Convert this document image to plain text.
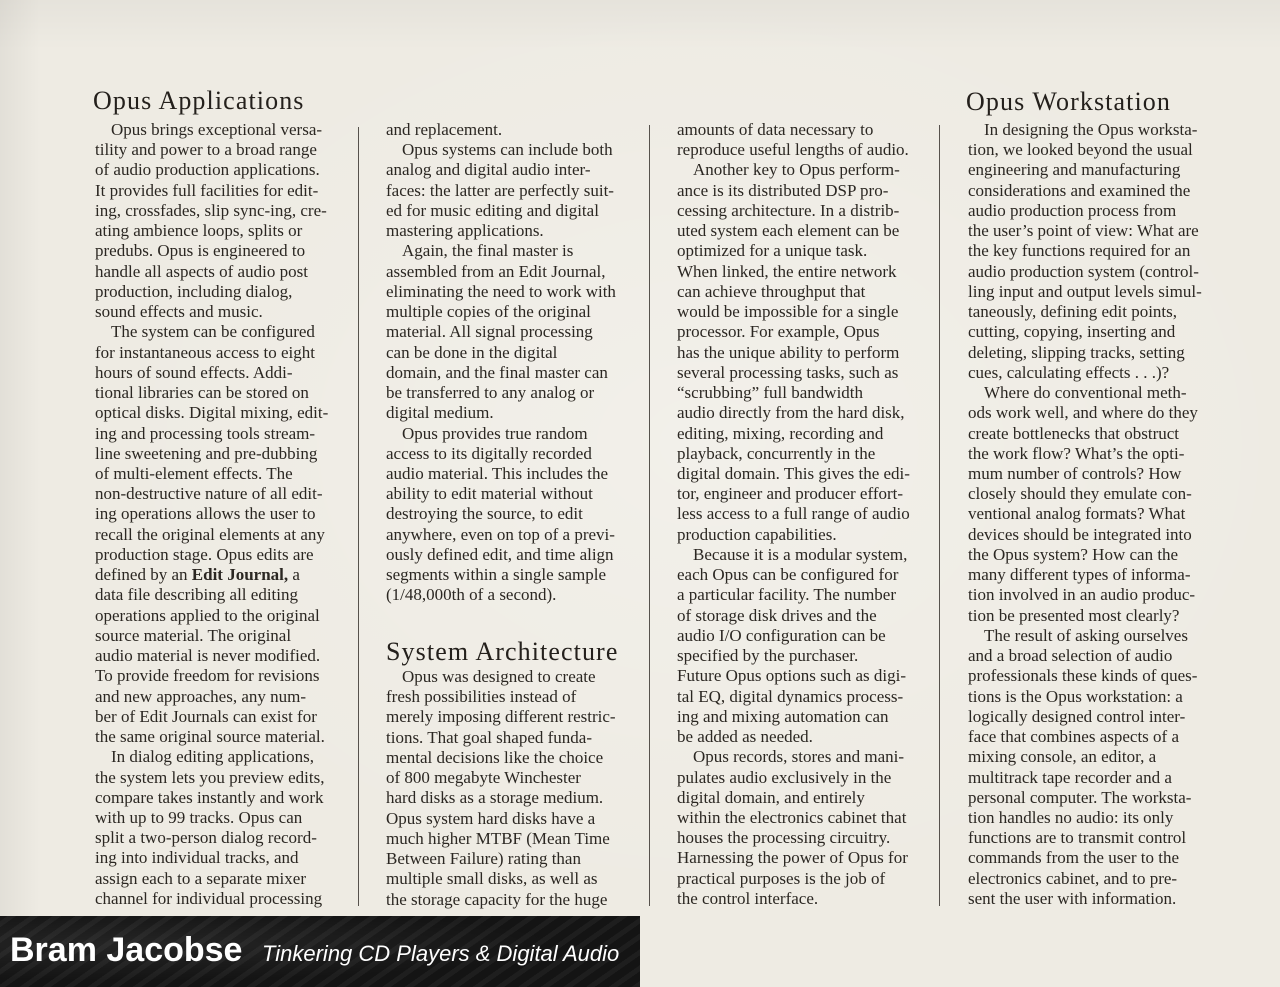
Opus Applications
Opus brings exceptional versa-
tility and power to a broad range
of audio production applications.
It provides full facilities for edit-
ing, crossfades, slip sync-ing, cre-
ating ambience loops, splits or
predubs. Opus is engineered to
handle all aspects of audio post
production, including dialog,
sound effects and music.
The system can be configured
for instantaneous access to eight
hours of sound effects. Addi-
tional libraries can be stored on
optical disks. Digital mixing, edit-
ing and processing tools stream-
line sweetening and pre-dubbing
of multi-element effects. The
non-destructive nature of all edit-
ing operations allows the user to
recall the original elements at any
production stage. Opus edits are
defined by an Edit Journal, a
data file describing all editing
operations applied to the original
source material. The original
audio material is never modified.
To provide freedom for revisions
and new approaches, any num-
ber of Edit Journals can exist for
the same original source material.
In dialog editing applications,
the system lets you preview edits,
compare takes instantly and work
with up to 99 tracks. Opus can
split a two-person dialog record-
ing into individual tracks, and
assign each to a separate mixer
channel for individual processing
and replacement.
Opus systems can include both
analog and digital audio inter-
faces: the latter are perfectly suit-
ed for music editing and digital
mastering applications.
Again, the final master is
assembled from an Edit Journal,
eliminating the need to work with
multiple copies of the original
material. All signal processing
can be done in the digital
domain, and the final master can
be transferred to any analog or
digital medium.
Opus provides true random
access to its digitally recorded
audio material. This includes the
ability to edit material without
destroying the source, to edit
anywhere, even on top of a previ-
ously defined edit, and time align
segments within a single sample
(1/48,000th of a second).
System Architecture
Opus was designed to create
fresh possibilities instead of
merely imposing different restric-
tions. That goal shaped funda-
mental decisions like the choice
of 800 megabyte Winchester
hard disks as a storage medium.
Opus system hard disks have a
much higher MTBF (Mean Time
Between Failure) rating than
multiple small disks, as well as
the storage capacity for the huge
amounts of data necessary to
reproduce useful lengths of audio.
Another key to Opus perform-
ance is its distributed DSP pro-
cessing architecture. In a distrib-
uted system each element can be
optimized for a unique task.
When linked, the entire network
can achieve throughput that
would be impossible for a single
processor. For example, Opus
has the unique ability to perform
several processing tasks, such as
“scrubbing” full bandwidth
audio directly from the hard disk,
editing, mixing, recording and
playback, concurrently in the
digital domain. This gives the edi-
tor, engineer and producer effort-
less access to a full range of audio
production capabilities.
Because it is a modular system,
each Opus can be configured for
a particular facility. The number
of storage disk drives and the
audio I/O configuration can be
specified by the purchaser.
Future Opus options such as digi-
tal EQ, digital dynamics process-
ing and mixing automation can
be added as needed.
Opus records, stores and mani-
pulates audio exclusively in the
digital domain, and entirely
within the electronics cabinet that
houses the processing circuitry.
Harnessing the power of Opus for
practical purposes is the job of
the control interface.
Opus Workstation
In designing the Opus worksta-
tion, we looked beyond the usual
engineering and manufacturing
considerations and examined the
audio production process from
the user’s point of view: What are
the key functions required for an
audio production system (control-
ling input and output levels simul-
taneously, defining edit points,
cutting, copying, inserting and
deleting, slipping tracks, setting
cues, calculating effects . . .)?
Where do conventional meth-
ods work well, and where do they
create bottlenecks that obstruct
the work flow? What’s the opti-
mum number of controls? How
closely should they emulate con-
ventional analog formats? What
devices should be integrated into
the Opus system? How can the
many different types of informa-
tion involved in an audio produc-
tion be presented most clearly?
The result of asking ourselves
and a broad selection of audio
professionals these kinds of ques-
tions is the Opus workstation: a
logically designed control inter-
face that combines aspects of a
mixing console, an editor, a
multitrack tape recorder and a
personal computer. The worksta-
tion handles no audio: its only
functions are to transmit control
commands from the user to the
electronics cabinet, and to pre-
sent the user with information.
Bram Jacobse Tinkering CD Players & Digital Audio
